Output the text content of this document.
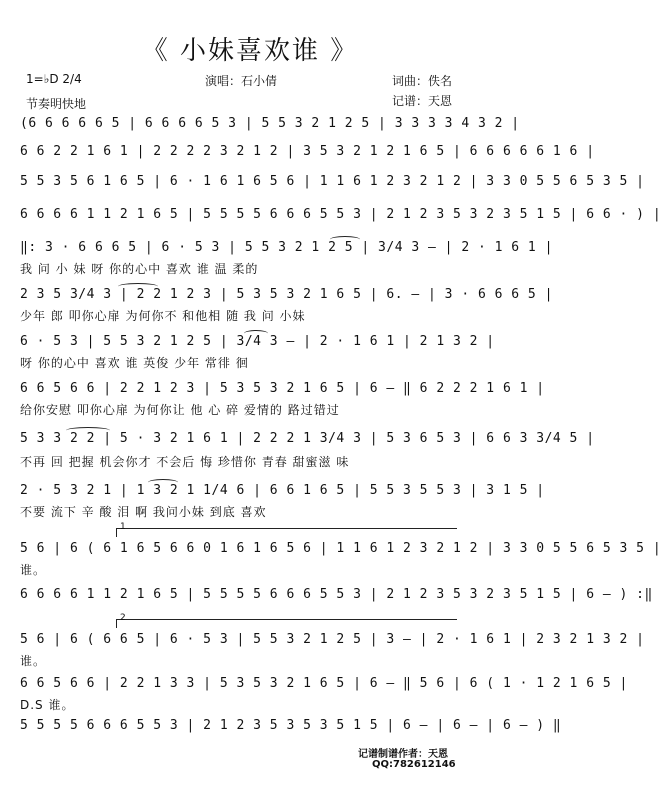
《 小妹喜欢谁 》
1=♭D 2/4	演唱：石小倩	词曲：佚名
节奏明快地	记谱：天恩
(6 6 6 6 6 5 | 6 6 6 6 5 3 | 5 5 3 2 1 2 5 | 3 3 3 3 4 3 2 |
6 6 2 2 1 6 1 | 2 2 2 2 3 2 1 2 | 3 5 3 2 1 2 1 6 5 | 6 6 6 6 6 1 6 |
5 5 3 5 6 1 6 5 | 6 · 1 6 1 6 5 6 | 1 1 6 1 2 3 2 1 2 | 3 3 0 5 5 6 5 3 5 |
6 6 6 6 1 1 2 1 6 5 | 5 5 5 5 6 6 6 5 5 3 | 2 1 2 3 5 3 2 3 5 1 5 | 6 6 · ) |
‖: 3 · 6 6 6 5 | 6 · 5 3 | 5 5 3 2 1 2 5 | 3/4 3 – | 2 · 1 6 1 |
我 问 小 妹 呀 你的心中 喜欢 谁 温 柔的
2 3 5 3/4 3 | 2 2 1 2 3 | 5 3 5 3 2 1 6 5 | 6. – | 3 · 6 6 6 5 |
少年 郎 叩你心扉 为何你不 和他相 随 我 问 小妹
6 · 5 3 | 5 5 3 2 1 2 5 | 3/4 3 – | 2 · 1 6 1 | 2 1 3 2 |
呀 你的心中 喜欢 谁 英俊 少年 常徘 徊
6 6 5 6 6 | 2 2 1 2 3 | 5 3 5 3 2 1 6 5 | 6 – ‖ 6 2 2 2 1 6 1 |
给你安慰 叩你心扉 为何你让 他 心 碎 爱情的 路过错过
5 3 3 2 2 | 5 · 3 2 1 6 1 | 2 2 2 1 3/4 3 | 5 3 6 5 3 | 6 6 3 3/4 5 |
不再 回 把握 机会你才 不会后 悔 珍惜你 青春 甜蜜滋 味
2 · 5 3 2 1 | 1 3 2 1 1/4 6 | 6 6 1 6 5 | 5 5 3 5 5 3 | 3 1 5 |
不要 流下 辛 酸 泪 啊 我问小妹 到底 喜欢
1
5 6 | 6 ( 6 1 6 5 6 6 0 1 6 1 6 5 6 | 1 1 6 1 2 3 2 1 2 | 3 3 0 5 5 6 5 3 5 |
谁。
6 6 6 6 1 1 2 1 6 5 | 5 5 5 5 6 6 6 5 5 3 | 2 1 2 3 5 3 2 3 5 1 5 | 6 – ) :‖
2
5 6 | 6 ( 6 6 5 | 6 · 5 3 | 5 5 3 2 1 2 5 | 3 – | 2 · 1 6 1 | 2 3 2 1 3 2 |
谁。
6 6 5 6 6 | 2 2 1 3 3 | 5 3 5 3 2 1 6 5 | 6 – ‖ 5 6 | 6 ( 1 · 1 2 1 6 5 |
D.S 谁。
5 5 5 5 6 6 6 5 5 3 | 2 1 2 3 5 3 5 3 5 1 5 | 6 – | 6 – | 6 – ) ‖
记谱制谱作者：天恩
QQ:782612146
